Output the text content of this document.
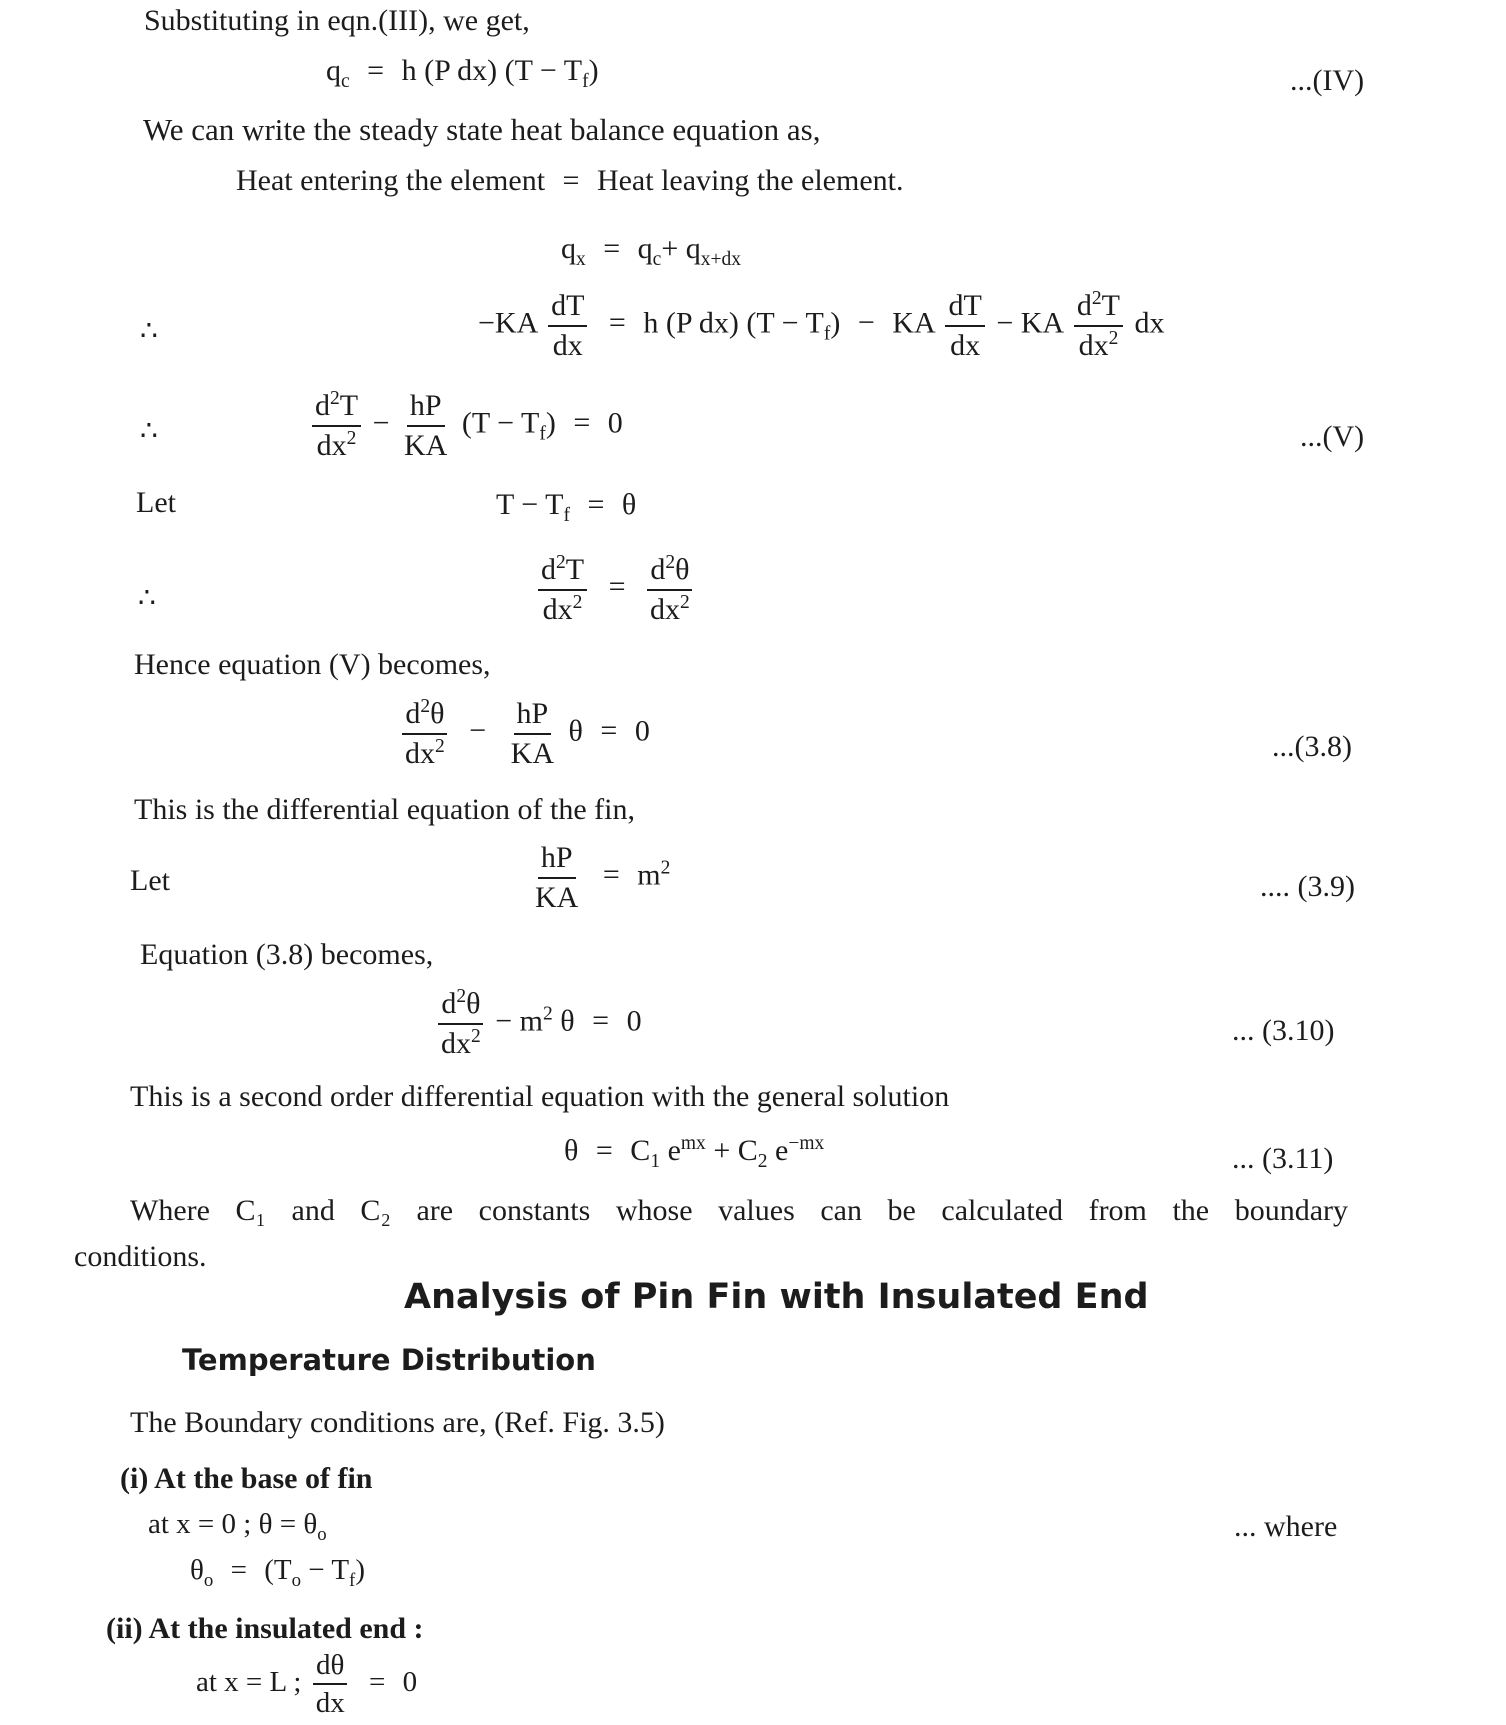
Substituting in eqn.(III), we get,
$q_c = h$ (P dx) $(T - T_f)$	...(IV)
We can write the steady state heat balance equation as,
Heat entering the element = Heat leaving the element.
$q_x = q_c+ q_{x+dx}$
∴	$-KA \frac{dT}{dx} = h$ (P dx) $(T - T_f)$ − KA $\frac{dT}{dx}$ − KA $\frac{d^2T}{dx^2}$ dx
∴	$\frac{d^2T}{dx^2} - \frac{hP}{KA} (T - T_f) = 0$	...(V)
Let	$T - T_f = \theta$
∴	$\frac{d^2T}{dx^2} = \frac{d^2\theta}{dx^2}$
Hence equation (V) becomes,
$\frac{d^2\theta}{dx^2} - \frac{hP}{KA}$ θ = 0	...(3.8)
This is the differential equation of the fin,
Let	$\frac{hP}{KA} = m^2$
.... (3.9)
Equation (3.8) becomes,
$\frac{d^2\theta}{dx^2} - m^2$ θ = 0	... (3.10)
This is a second order differential equation with the general solution
$\theta = C_1$ $e^{mx} + C_2$ $e^{-mx}$	... (3.11)
Where C₁ and C₂ are constants whose values can be calculated from the boundary
conditions.
Analysis of Pin Fin with Insulated End
Temperature Distribution
The Boundary conditions are, (Ref. Fig. 3.5)
(i) At the base of fin
at x = 0 ; $\theta = \theta_o$	... where
$\theta_o = (T_o - T_f)$
(ii) At the insulated end :
at x = L ; $\frac{d\theta}{dx} = 0$
